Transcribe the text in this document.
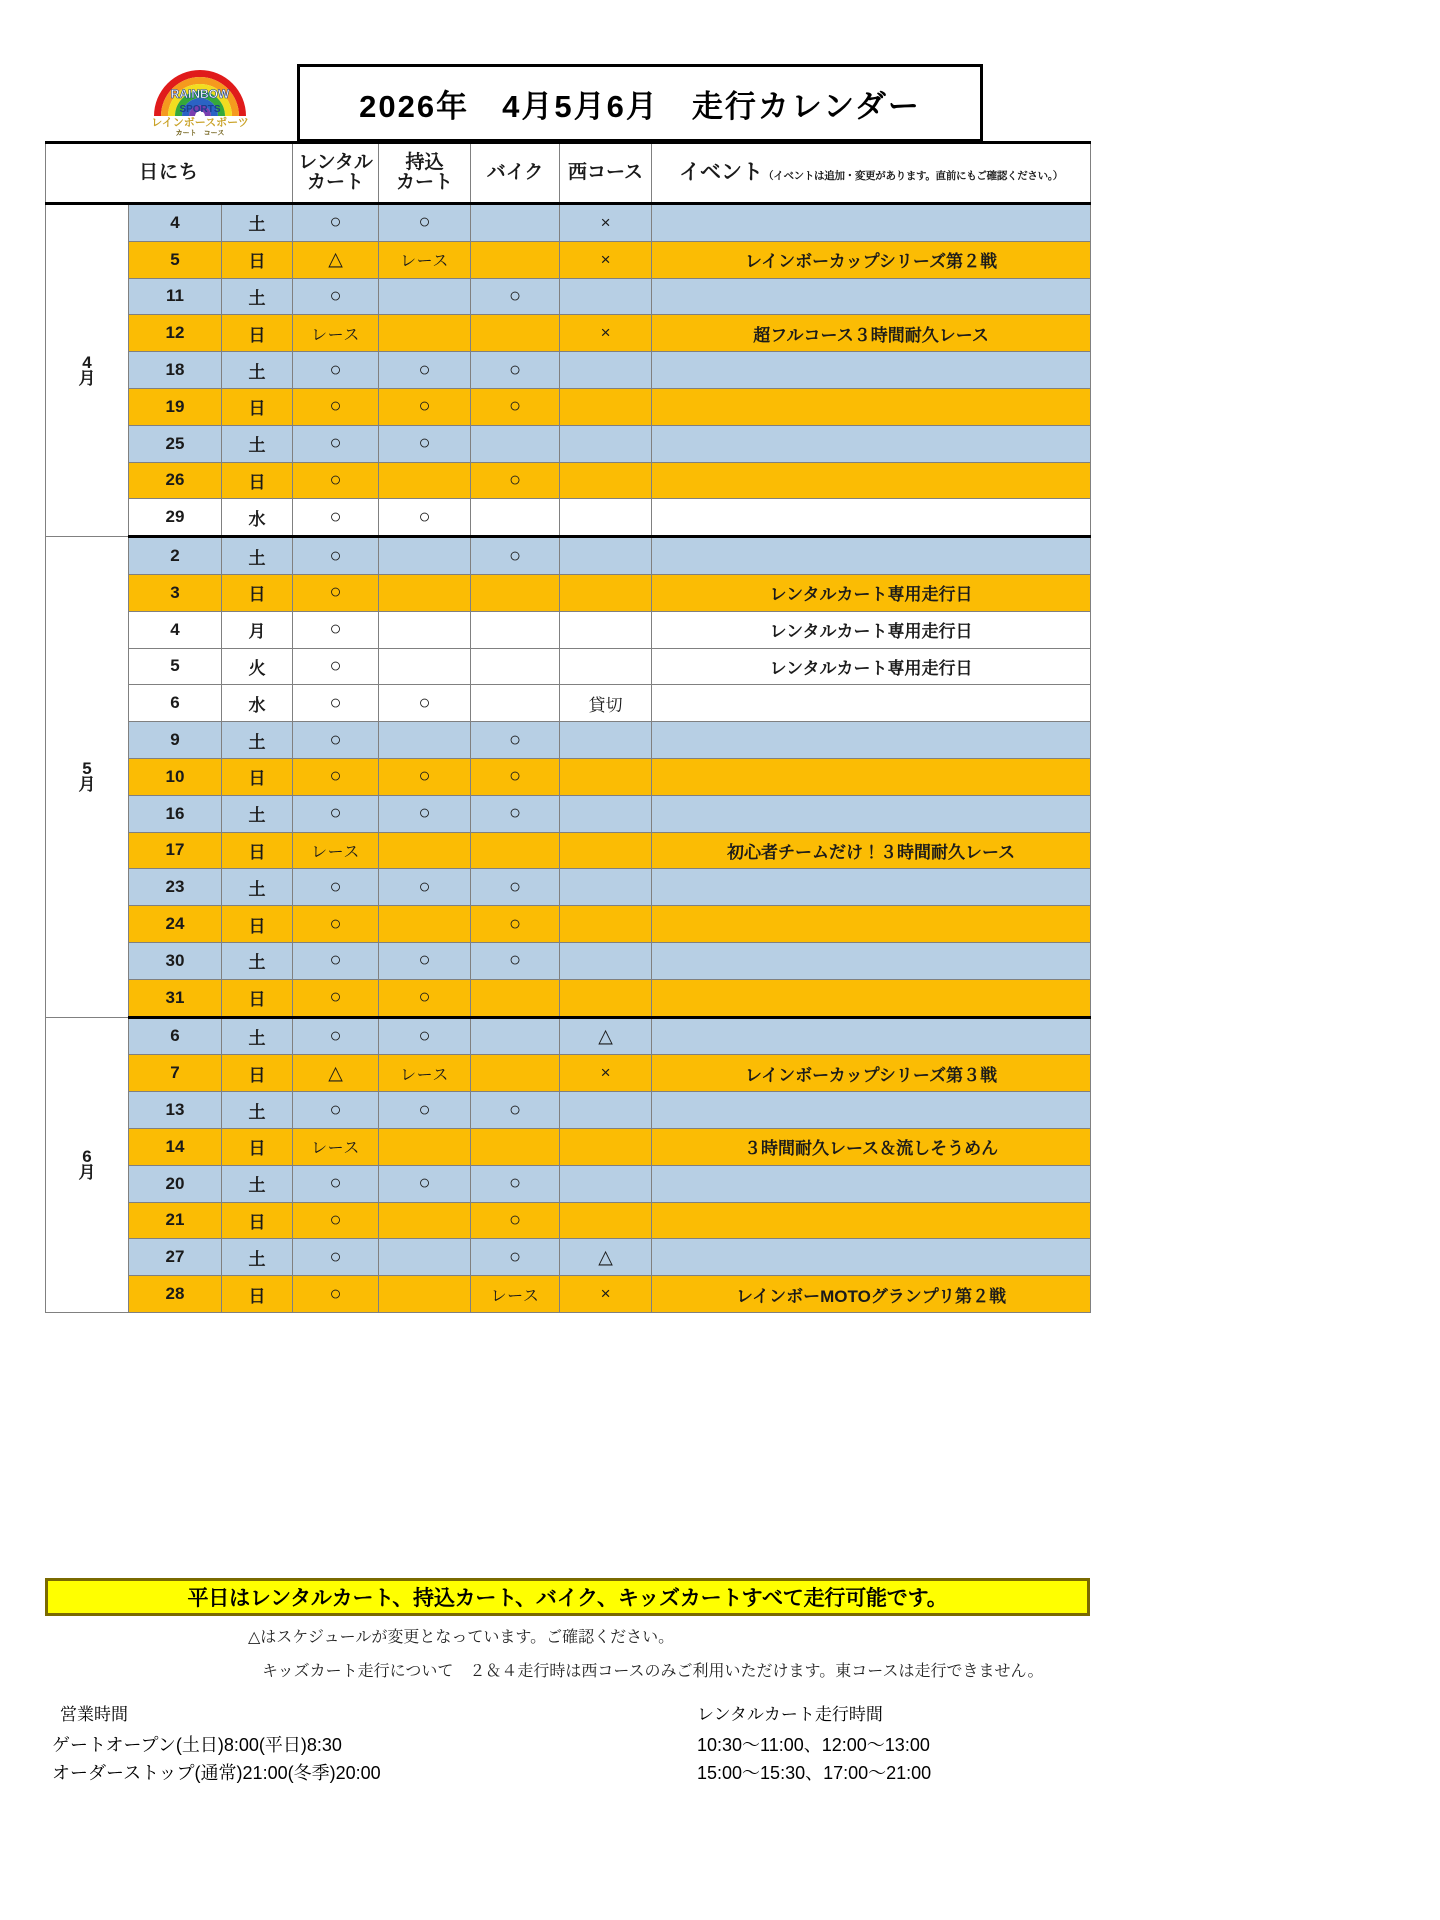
RAINBOW
SPORTS
レインボースポーツ
カート　コース
2026年　4月5月6月　走行カレンダー
日にち			レンタル
カート	持込
カート	バイク	西コース	イベント（イベントは追加・変更があります。直前にもご確認ください。）
4
月	4	土	○	○		×	
	5	日	△	レース		×	レインボーカップシリーズ第２戦
	11	土	○		○		
	12	日	レース			×	超フルコース３時間耐久レース
	18	土	○	○	○		
	19	日	○	○	○		
	25	土	○	○			
	26	日	○		○		
	29	水	○	○			
5
月	2	土	○		○		
	3	日	○				レンタルカート専用走行日
	4	月	○				レンタルカート専用走行日
	5	火	○				レンタルカート専用走行日
	6	水	○	○		貸切	
	9	土	○		○		
	10	日	○	○	○		
	16	土	○	○	○		
	17	日	レース				初心者チームだけ！３時間耐久レース
	23	土	○	○	○		
	24	日	○		○		
	30	土	○	○	○		
	31	日	○	○			
6
月	6	土	○	○		△	
	7	日	△	レース		×	レインボーカップシリーズ第３戦
	13	土	○	○	○		
	14	日	レース				３時間耐久レース＆流しそうめん
	20	土	○	○	○		
	21	日	○		○		
	27	土	○		○	△	
	28	日	○		レース	×	レインボーMOTOグランプリ第２戦
平日はレンタルカート、持込カート、バイク、キッズカートすべて走行可能です。
△はスケジュールが変更となっています。ご確認ください。
キッズカート走行について　２＆４走行時は西コースのみご利用いただけます。東コースは走行できません。
営業時間
ゲートオープン(土日)8:00(平日)8:30
オーダーストップ(通常)21:00(冬季)20:00
レンタルカート走行時間
10:30～11:00、12:00～13:00
15:00～15:30、17:00～21:00
